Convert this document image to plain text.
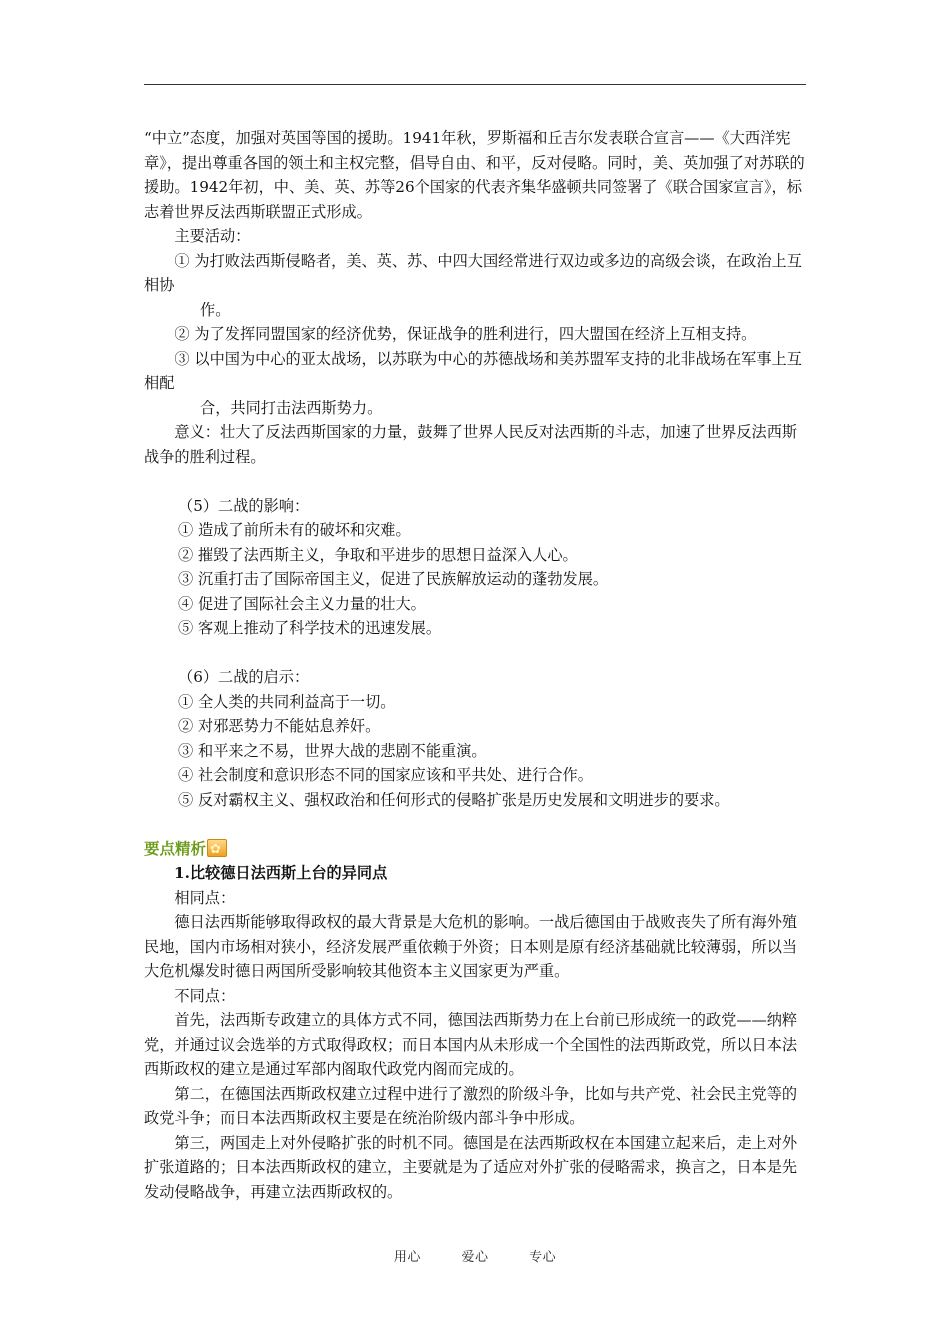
“中立”态度，加强对英国等国的援助。1941年秋，罗斯福和丘吉尔发表联合宣言——《大西洋宪章》，提出尊重各国的领土和主权完整，倡导自由、和平，反对侵略。同时，美、英加强了对苏联的援助。1942年初，中、美、英、苏等26个国家的代表齐集华盛顿共同签署了《联合国家宣言》，标志着世界反法西斯联盟正式形成。

主要活动：

① 为打败法西斯侵略者，美、英、苏、中四大国经常进行双边或多边的高级会谈，在政治上互相协

作。

② 为了发挥同盟国家的经济优势，保证战争的胜利进行，四大盟国在经济上互相支持。

③ 以中国为中心的亚太战场，以苏联为中心的苏德战场和美苏盟军支持的北非战场在军事上互相配

合，共同打击法西斯势力。

意义：壮大了反法西斯国家的力量，鼓舞了世界人民反对法西斯的斗志，加速了世界反法西斯战争的胜利过程。

（5）二战的影响：

① 造成了前所未有的破坏和灾难。

② 摧毁了法西斯主义，争取和平进步的思想日益深入人心。

③ 沉重打击了国际帝国主义，促进了民族解放运动的蓬勃发展。

④ 促进了国际社会主义力量的壮大。

⑤ 客观上推动了科学技术的迅速发展。

（6）二战的启示：

① 全人类的共同利益高于一切。

② 对邪恶势力不能姑息养奸。

③ 和平来之不易，世界大战的悲剧不能重演。

④ 社会制度和意识形态不同的国家应该和平共处、进行合作。

⑤ 反对霸权主义、强权政治和任何形式的侵略扩张是历史发展和文明进步的要求。

要点精析✿

1.比较德日法西斯上台的异同点

相同点：

德日法西斯能够取得政权的最大背景是大危机的影响。一战后德国由于战败丧失了所有海外殖民地，国内市场相对狭小，经济发展严重依赖于外资；日本则是原有经济基础就比较薄弱，所以当大危机爆发时德日两国所受影响较其他资本主义国家更为严重。

不同点：

首先，法西斯专政建立的具体方式不同，德国法西斯势力在上台前已形成统一的政党——纳粹党，并通过议会选举的方式取得政权；而日本国内从未形成一个全国性的法西斯政党，所以日本法西斯政权的建立是通过军部内阁取代政党内阁而完成的。

第二，在德国法西斯政权建立过程中进行了激烈的阶级斗争，比如与共产党、社会民主党等的政党斗争；而日本法西斯政权主要是在统治阶级内部斗争中形成。

第三，两国走上对外侵略扩张的时机不同。德国是在法西斯政权在本国建立起来后，走上对外扩张道路的；日本法西斯政权的建立，主要就是为了适应对外扩张的侵略需求，换言之，日本是先发动侵略战争，再建立法西斯政权的。

用心	爱心	专心
